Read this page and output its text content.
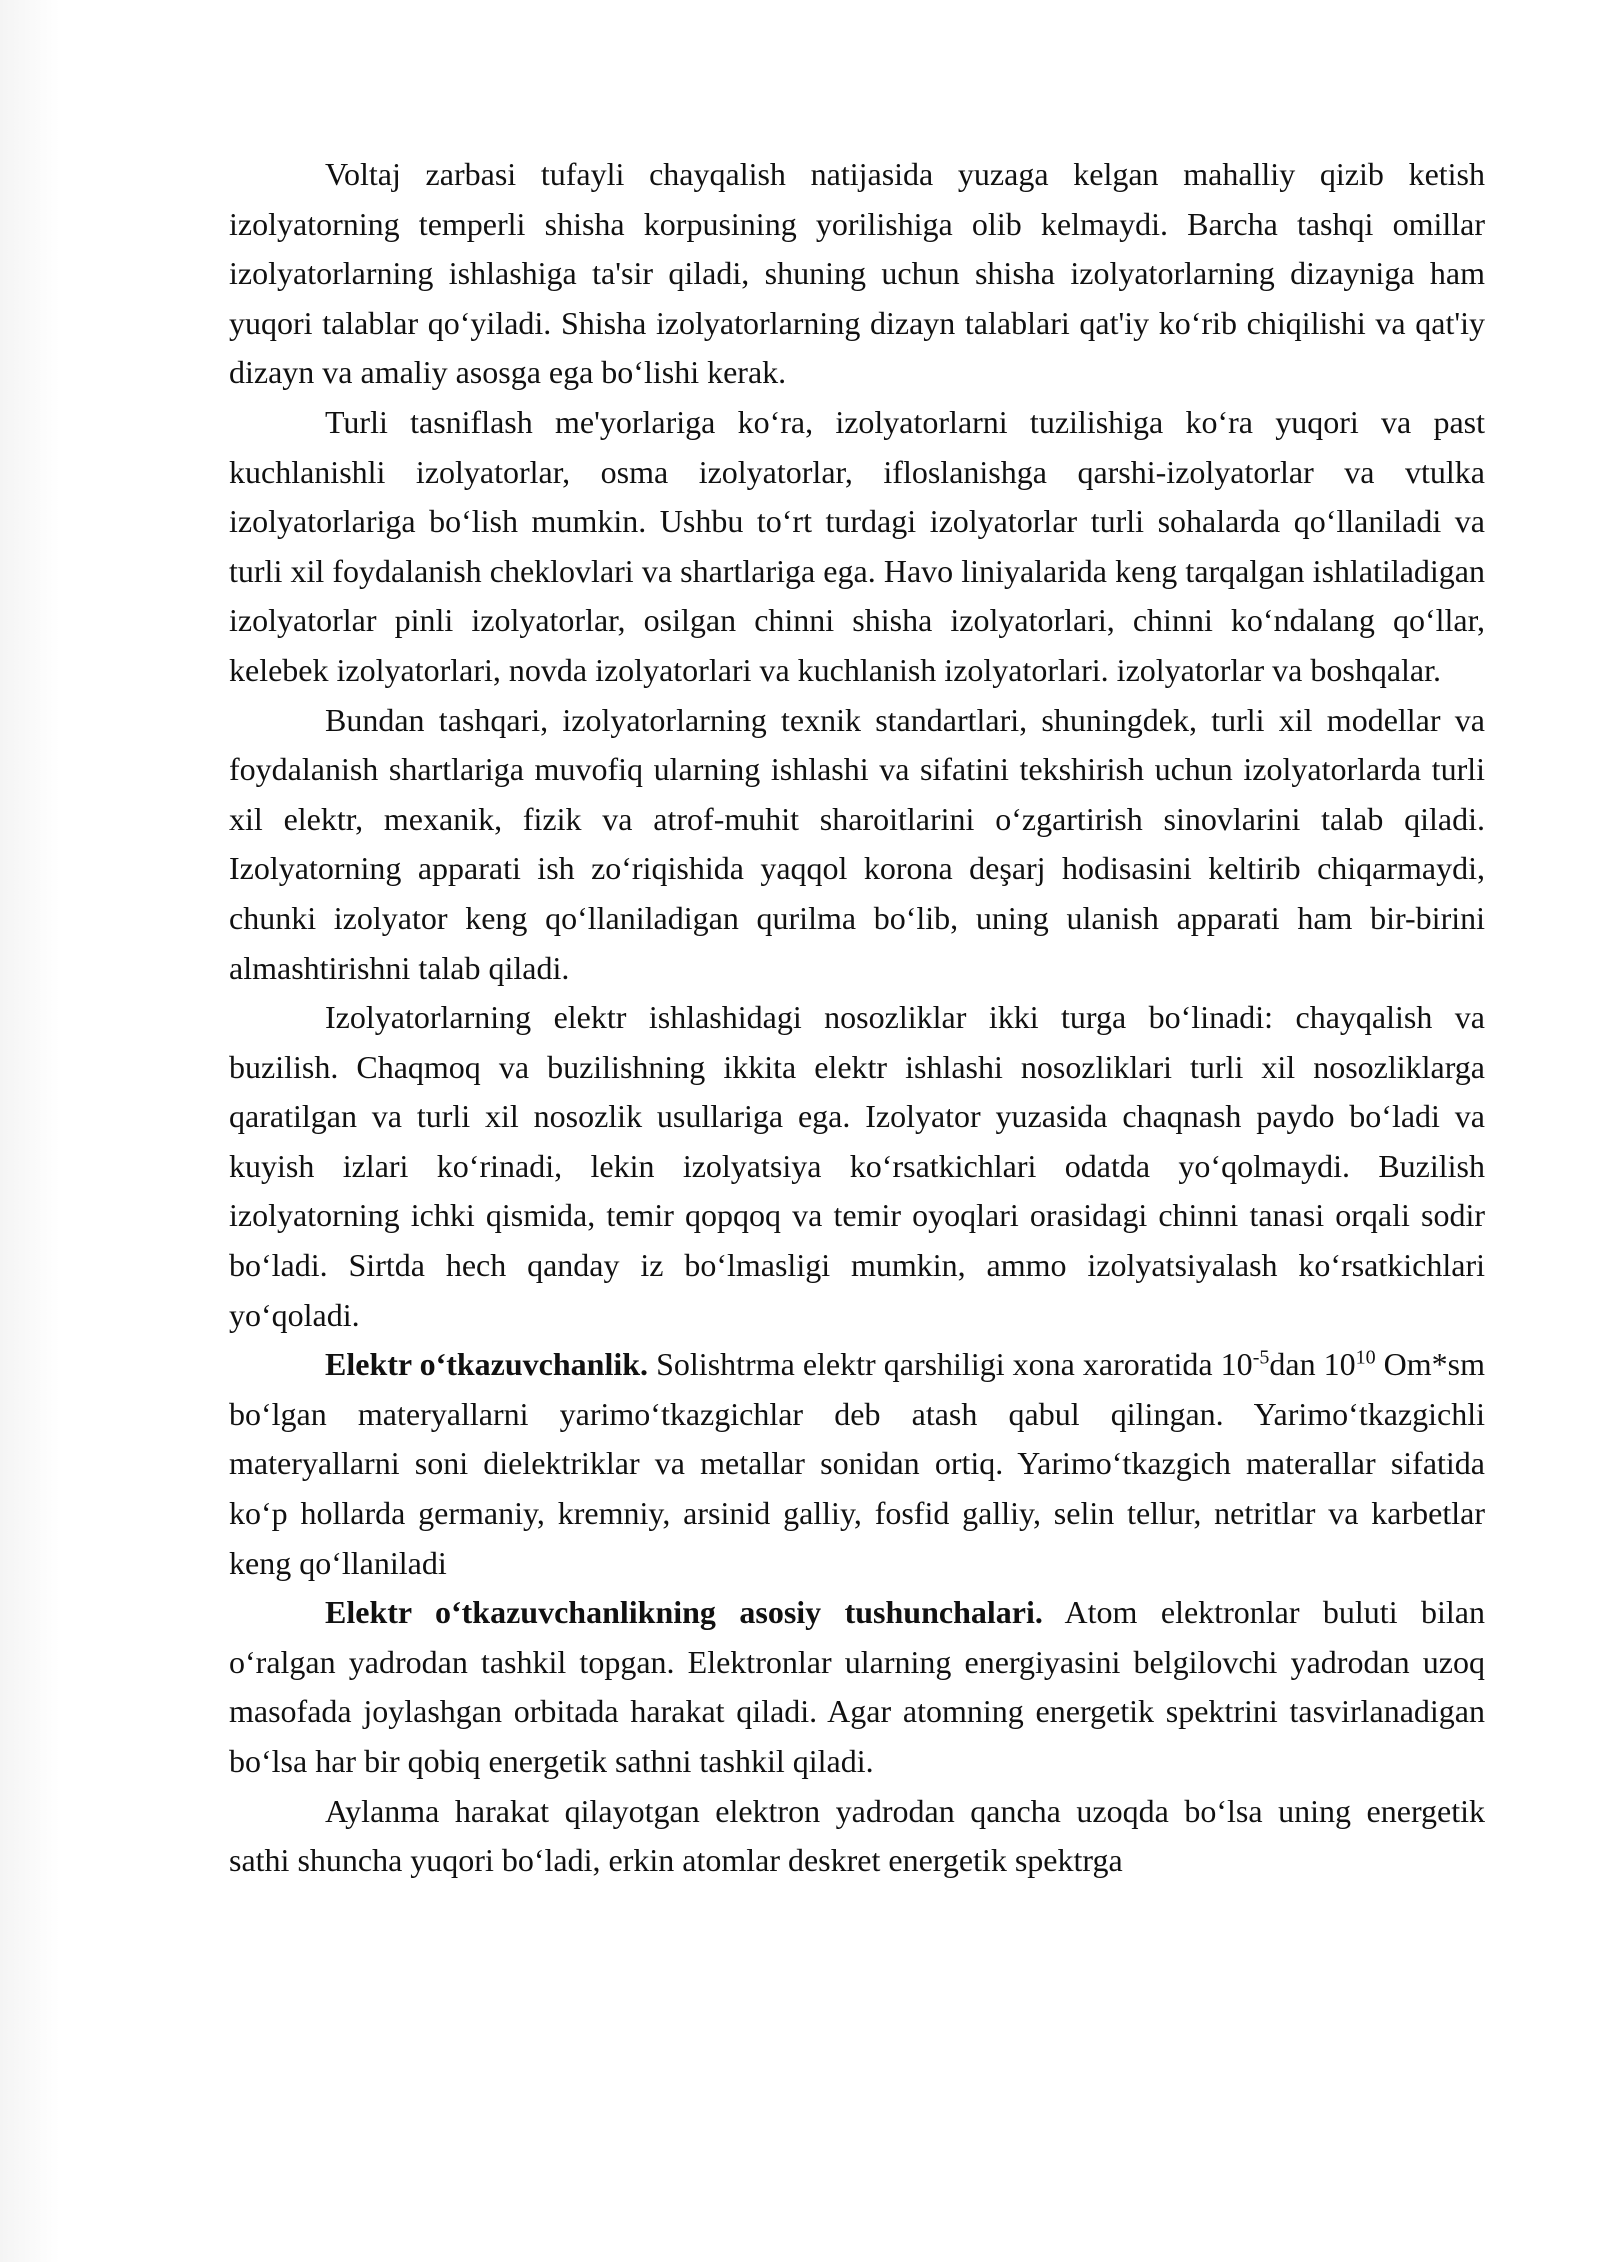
Voltaj zarbasi tufayli chayqalish natijasida yuzaga kelgan mahalliy qizib ketish izolyatorning temperli shisha korpusining yorilishiga olib kelmaydi. Barcha tashqi omillar izolyatorlarning ishlashiga ta'sir qiladi, shuning uchun shisha izolyatorlarning dizayniga ham yuqori talablar qoʻyiladi. Shisha izolyatorlarning dizayn talablari qat'iy koʻrib chiqilishi va qat'iy dizayn va amaliy asosga ega boʻlishi kerak.

Turli tasniflash me'yorlariga koʻra, izolyatorlarni tuzilishiga koʻra yuqori va past kuchlanishli izolyatorlar, osma izolyatorlar, ifloslanishga qarshi-izolyatorlar va vtulka izolyatorlariga boʻlish mumkin. Ushbu toʻrt turdagi izolyatorlar turli sohalarda qoʻllaniladi va turli xil foydalanish cheklovlari va shartlariga ega. Havo liniyalarida keng tarqalgan ishlatiladigan izolyatorlar pinli izolyatorlar, osilgan chinni shisha izolyatorlari, chinni koʻndalang qoʻllar, kelebek izolyatorlari, novda izolyatorlari va kuchlanish izolyatorlari. izolyatorlar va boshqalar.

Bundan tashqari, izolyatorlarning texnik standartlari, shuningdek, turli xil modellar va foydalanish shartlariga muvofiq ularning ishlashi va sifatini tekshirish uchun izolyatorlarda turli xil elektr, mexanik, fizik va atrof-muhit sharoitlarini oʻzgartirish sinovlarini talab qiladi. Izolyatorning apparati ish zoʻriqishida yaqqol korona deşarj hodisasini keltirib chiqarmaydi, chunki izolyator keng qoʻllaniladigan qurilma boʻlib, uning ulanish apparati ham bir-birini almashtirishni talab qiladi.

Izolyatorlarning elektr ishlashidagi nosozliklar ikki turga boʻlinadi: chayqalish va buzilish. Chaqmoq va buzilishning ikkita elektr ishlashi nosozliklari turli xil nosozliklarga qaratilgan va turli xil nosozlik usullariga ega. Izolyator yuzasida chaqnash paydo boʻladi va kuyish izlari koʻrinadi, lekin izolyatsiya koʻrsatkichlari odatda yoʻqolmaydi. Buzilish izolyatorning ichki qismida, temir qopqoq va temir oyoqlari orasidagi chinni tanasi orqali sodir boʻladi. Sirtda hech qanday iz boʻlmasligi mumkin, ammo izolyatsiyalash koʻrsatkichlari yoʻqoladi.

Elektr oʻtkazuvchanlik. Solishtrma elektr qarshiligi xona xaroratida $10^{-5}dan$ $10^{10}$ Om*sm boʻlgan materyallarni yarimoʻtkazgichlar deb atash qabul qilingan. Yarimoʻtkazgichli materyallarni soni dielektriklar va metallar sonidan ortiq. Yarimoʻtkazgich materallar sifatida koʻp hollarda germaniy, kremniy, arsinid galliy, fosfid galliy, selin tellur, netritlar va karbetlar keng qoʻllaniladi

Elektr oʻtkazuvchanlikning asosiy tushunchalari. Atom elektronlar buluti bilan oʻralgan yadrodan tashkil topgan. Elektronlar ularning energiyasini belgilovchi yadrodan uzoq masofada joylashgan orbitada harakat qiladi. Agar atomning energetik spektrini tasvirlanadigan boʻlsa har bir qobiq energetik sathni tashkil qiladi.

Aylanma harakat qilayotgan elektron yadrodan qancha uzoqda boʻlsa uning energetik sathi shuncha yuqori boʻladi, erkin atomlar deskret energetik spektrga
